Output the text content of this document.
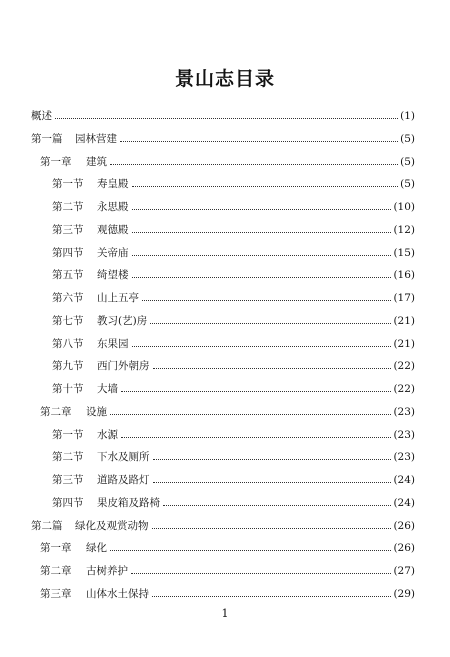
景山志目录
概述	(1)
第一篇	园林营建	(5)
第一章	建筑	(5)
第一节	寿皇殿	(5)
第二节	永思殿	(10)
第三节	观德殿	(12)
第四节	关帝庙	(15)
第五节	绮望楼	(16)
第六节	山上五亭	(17)
第七节	教习(艺)房	(21)
第八节	东果园	(21)
第九节	西门外朝房	(22)
第十节	大墙	(22)
第二章	设施	(23)
第一节	水源	(23)
第二节	下水及厕所	(23)
第三节	道路及路灯	(24)
第四节	果皮箱及路椅	(24)
第二篇	绿化及观赏动物	(26)
第一章	绿化	(26)
第二章	古树养护	(27)
第三章	山体水土保持	(29)
1
